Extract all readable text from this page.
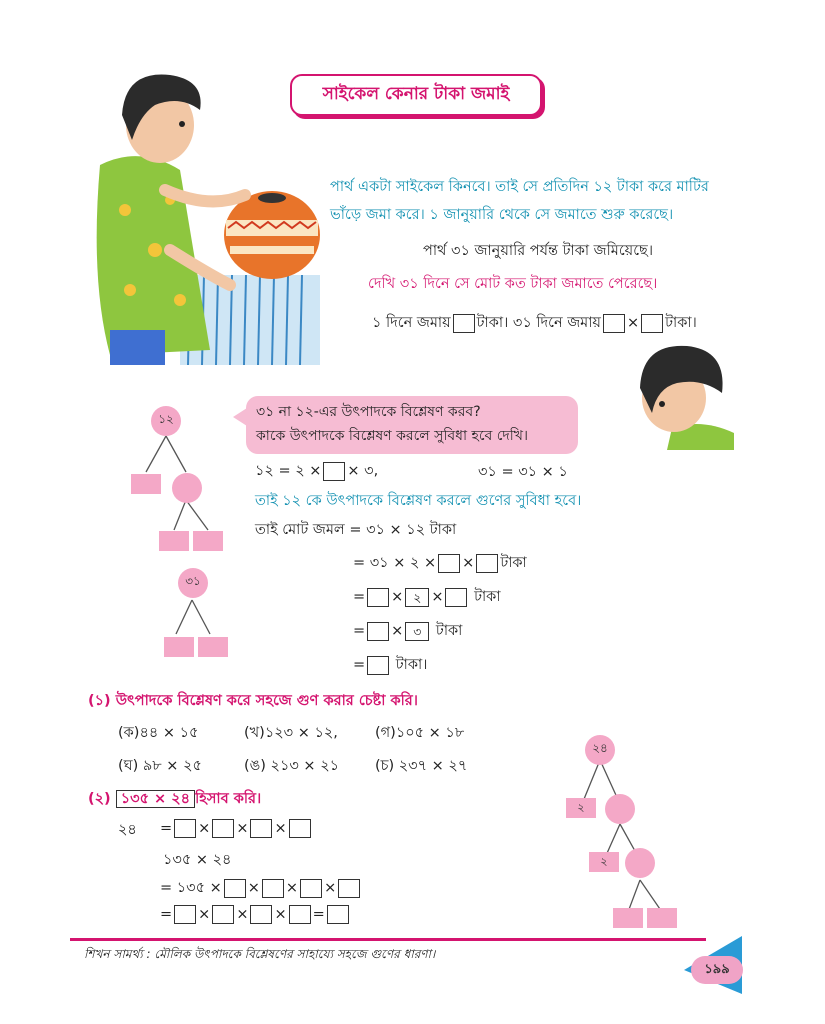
সাইকেল কেনার টাকা জমাই
পার্থ একটা সাইকেল কিনবে। তাই সে প্রতিদিন ১২ টাকা করে মাটির
ভাঁড়ে জমা করে। ১ জানুয়ারি থেকে সে জমাতে শুরু করেছে।
পার্থ ৩১ জানুয়ারি পর্যন্ত টাকা জমিয়েছে।
দেখি ৩১ দিনে সে মোট কত টাকা জমাতে পেরেছে।
১ দিনে জমায় টাকা। ৩১ দিনে জমায় × টাকা।
৩১ না ১২-এর উৎপাদকে বিশ্লেষণ করব?
কাকে উৎপাদকে বিশ্লেষণ করলে সুবিধা হবে দেখি।
১২
৩১
১২ = ২ × × ৩,	৩১ = ৩১ × ১
তাই ১২ কে উৎপাদকে বিশ্লেষণ করলে গুণের সুবিধা হবে।
তাই মোট জমল = ৩১ × ১২ টাকা
= ৩১ × ২ × × টাকা
= × ২ × টাকা
= × ৩ টাকা
= টাকা।
(১) উৎপাদকে বিশ্লেষণ করে সহজে গুণ করার চেষ্টা করি।
(ক)৪৪ × ১৫	(খ)১২৩ × ১২,	(গ)১০৫ × ১৮
(ঘ) ৯৮ × ২৫	(ঙ) ২১৩ × ২১ (চ) ২৩৭ × ২৭
(২) ১৩৫ × ২৪ হিসাব করি।
২৪ = × × ×
১৩৫ × ২৪
= ১৩৫ × × × ×
= × × × =
২৪
২
২
শিখন সামর্থ্য : মৌলিক উৎপাদকে বিশ্লেষণের সাহায্যে সহজে গুণের ধারণা।
১৯৯
